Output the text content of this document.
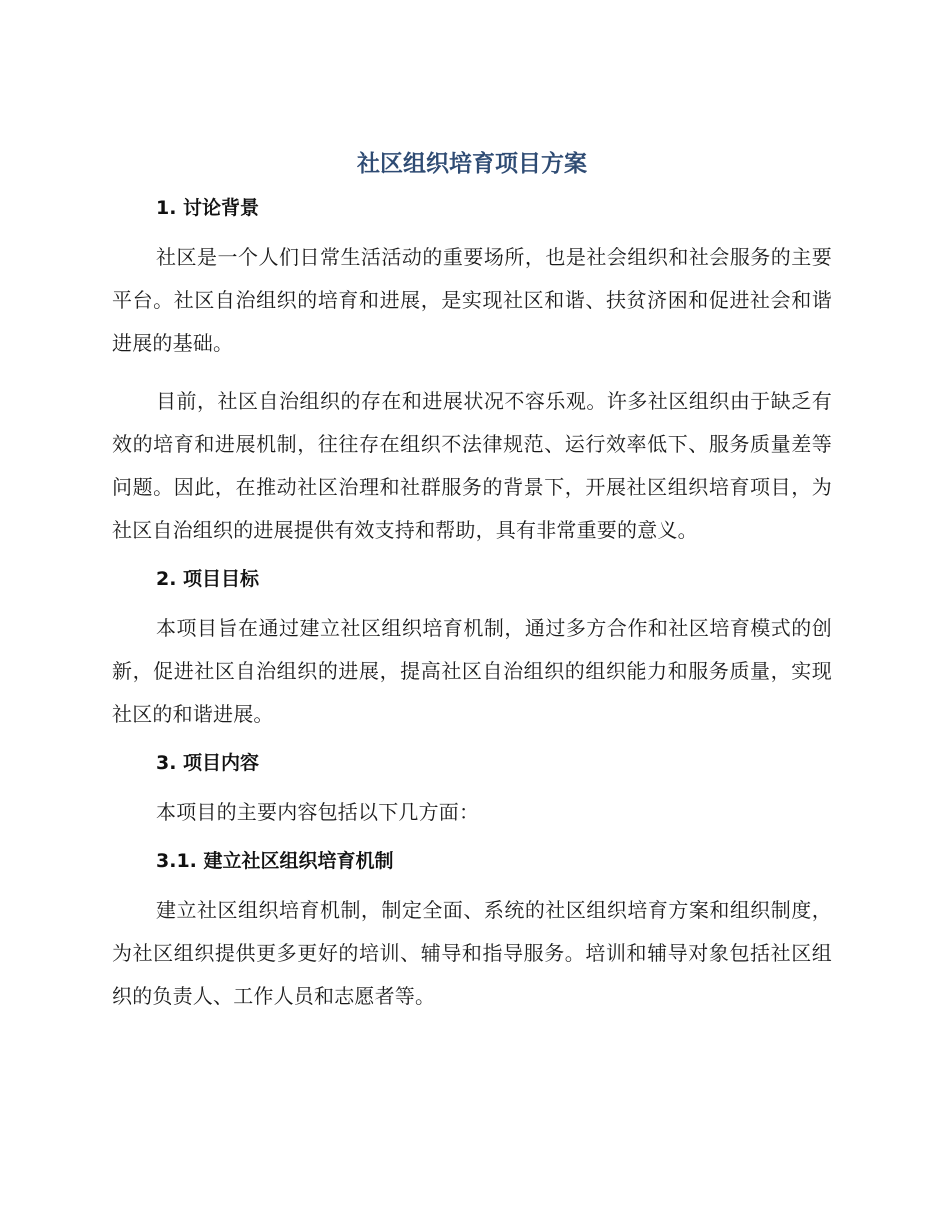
社区组织培育项目方案
1. 讨论背景

社区是一个人们日常生活活动的重要场所，也是社会组织和社会服务的主要平台。社区自治组织的培育和进展，是实现社区和谐、扶贫济困和促进社会和谐进展的基础。

目前，社区自治组织的存在和进展状况不容乐观。许多社区组织由于缺乏有效的培育和进展机制，往往存在组织不法律规范、运行效率低下、服务质量差等问题。因此，在推动社区治理和社群服务的背景下，开展社区组织培育项目，为社区自治组织的进展提供有效支持和帮助，具有非常重要的意义。

2. 项目目标

本项目旨在通过建立社区组织培育机制，通过多方合作和社区培育模式的创新，促进社区自治组织的进展，提高社区自治组织的组织能力和服务质量，实现社区的和谐进展。

3. 项目内容

本项目的主要内容包括以下几方面：

3.1. 建立社区组织培育机制

建立社区组织培育机制，制定全面、系统的社区组织培育方案和组织制度，为社区组织提供更多更好的培训、辅导和指导服务。培训和辅导对象包括社区组织的负责人、工作人员和志愿者等。
